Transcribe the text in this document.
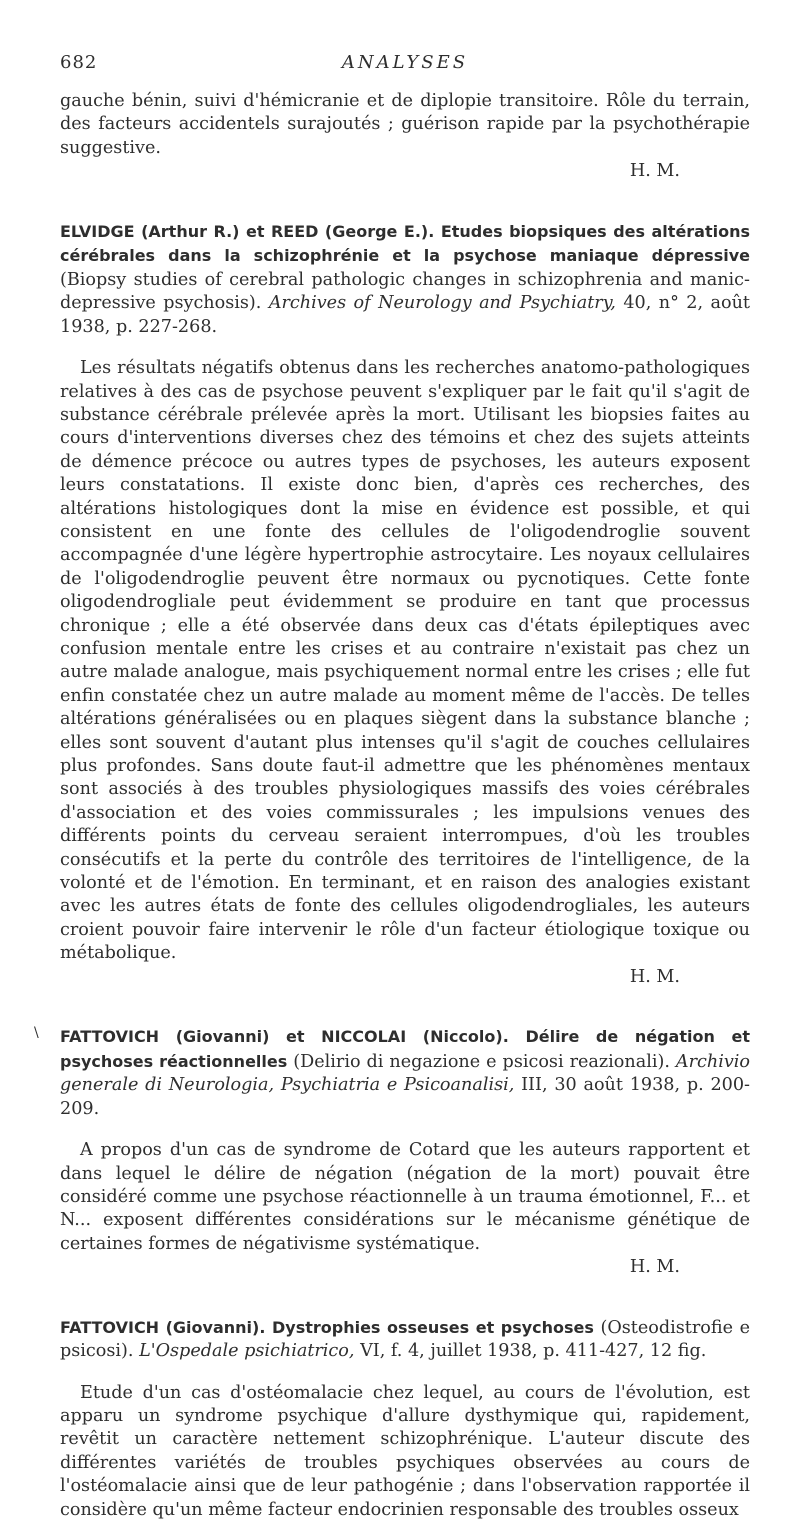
682	ANALYSES

gauche bénin, suivi d'hémicranie et de diplopie transitoire. Rôle du terrain, des facteurs accidentels surajoutés ; guérison rapide par la psychothérapie suggestive.

H. M.

ELVIDGE (Arthur R.) et REED (George E.). Etudes biopsiques des altérations cérébrales dans la schizophrénie et la psychose maniaque dépressive (Biopsy studies of cerebral pathologic changes in schizophrenia and manic-depressive psychosis). Archives of Neurology and Psychiatry, 40, n° 2, août 1938, p. 227-268.

Les résultats négatifs obtenus dans les recherches anatomo-pathologiques relatives à des cas de psychose peuvent s'expliquer par le fait qu'il s'agit de substance cérébrale prélevée après la mort. Utilisant les biopsies faites au cours d'interventions diverses chez des témoins et chez des sujets atteints de démence précoce ou autres types de psychoses, les auteurs exposent leurs constatations. Il existe donc bien, d'après ces recherches, des altérations histologiques dont la mise en évidence est possible, et qui consistent en une fonte des cellules de l'oligodendroglie souvent accompagnée d'une légère hypertrophie astrocytaire. Les noyaux cellulaires de l'oligodendroglie peuvent être normaux ou pycnotiques. Cette fonte oligodendrogliale peut évidemment se produire en tant que processus chronique ; elle a été observée dans deux cas d'états épileptiques avec confusion mentale entre les crises et au contraire n'existait pas chez un autre malade analogue, mais psychiquement normal entre les crises ; elle fut enfin constatée chez un autre malade au moment même de l'accès. De telles altérations généralisées ou en plaques siègent dans la substance blanche ; elles sont souvent d'autant plus intenses qu'il s'agit de couches cellulaires plus profondes. Sans doute faut-il admettre que les phénomènes mentaux sont associés à des troubles physiologiques massifs des voies cérébrales d'association et des voies commissurales ; les impulsions venues des différents points du cerveau seraient interrompues, d'où les troubles consécutifs et la perte du contrôle des territoires de l'intelligence, de la volonté et de l'émotion. En terminant, et en raison des analogies existant avec les autres états de fonte des cellules oligodendrogliales, les auteurs croient pouvoir faire intervenir le rôle d'un facteur étiologique toxique ou métabolique.

H. M.
\ FATTOVICH (Giovanni) et NICCOLAI (Niccolo). Délire de négation et psychoses réactionnelles (Delirio di negazione e psicosi reazionali). Archivio generale di Neurologia, Psychiatria e Psicoanalisi, III, 30 août 1938, p. 200-209.

A propos d'un cas de syndrome de Cotard que les auteurs rapportent et dans lequel le délire de négation (négation de la mort) pouvait être considéré comme une psychose réactionnelle à un trauma émotionnel, F... et N... exposent différentes considérations sur le mécanisme génétique de certaines formes de négativisme systématique.

H. M.

FATTOVICH (Giovanni). Dystrophies osseuses et psychoses (Osteodistrofie e psicosi). L'Ospedale psichiatrico, VI, f. 4, juillet 1938, p. 411-427, 12 fig.

Etude d'un cas d'ostéomalacie chez lequel, au cours de l'évolution, est apparu un syndrome psychique d'allure dysthymique qui, rapidement, revêtit un caractère nettement schizophrénique. L'auteur discute des différentes variétés de troubles psychiques observées au cours de l'ostéomalacie ainsi que de leur pathogénie ; dans l'observation rapportée il considère qu'un même facteur endocrinien responsable des troubles osseux
